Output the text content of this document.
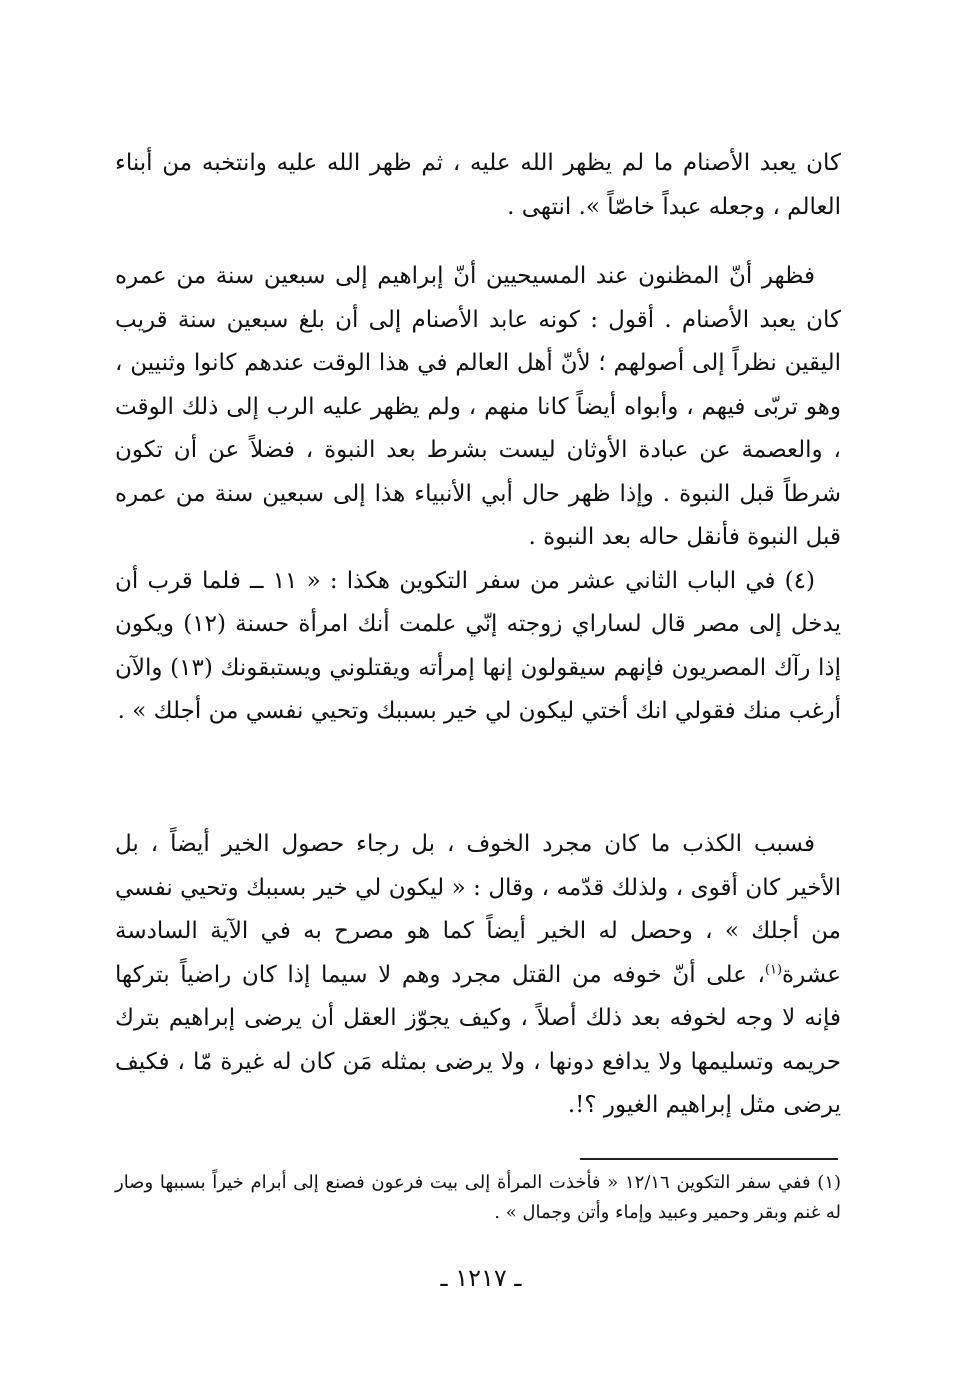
كان يعبد الأصنام ما لم يظهر الله عليه ، ثم ظهر الله عليه وانتخبه من أبناء العالم ، وجعله عبداً خاصّاً ». انتهى .

فظهر أنّ المظنون عند المسيحيين أنّ إبراهيم إلى سبعين سنة من عمره كان يعبد الأصنام . أقول : كونه عابد الأصنام إلى أن بلغ سبعين سنة قريب اليقين نظراً إلى أصولهم ؛ لأنّ أهل العالم في هذا الوقت عندهم كانوا وثنيين ، وهو تربّى فيهم ، وأبواه أيضاً كانا منهم ، ولم يظهر عليه الرب إلى ذلك الوقت ، والعصمة عن عبادة الأوثان ليست بشرط بعد النبوة ، فضلاً عن أن تكون شرطاً قبل النبوة . وإذا ظهر حال أبي الأنبياء هذا إلى سبعين سنة من عمره قبل النبوة فأنقل حاله بعد النبوة .

(٤) في الباب الثاني عشر من سفر التكوين هكذا : « ١١ ــ فلما قرب أن يدخل إلى مصر قال لساراي زوجته إنّي علمت أنك امرأة حسنة (١٢) ويكون إذا رآك المصريون فإنهم سيقولون إنها إمرأته ويقتلوني ويستبقونك (١٣) والآن أرغب منك فقولي انك أختي ليكون لي خير بسببك وتحيي نفسي من أجلك » .

فسبب الكذب ما كان مجرد الخوف ، بل رجاء حصول الخير أيضاً ، بل الأخير كان أقوى ، ولذلك قدّمه ، وقال : « ليكون لي خير بسببك وتحيي نفسي من أجلك » ، وحصل له الخير أيضاً كما هو مصرح به في الآية السادسة عشرة$^{(١)}$، على أنّ خوفه من القتل مجرد وهم لا سيما إذا كان راضياً بتركها فإنه لا وجه لخوفه بعد ذلك أصلاً ، وكيف يجوّز العقل أن يرضى إبراهيم بترك حريمه وتسليمها ولا يدافع دونها ، ولا يرضى بمثله مَن كان له غيرة مّا ، فكيف يرضى مثل إبراهيم الغيور ؟!.

(١) ففي سفر التكوين ١٢/١٦ « فأخذت المرأة إلى بيت فرعون فصنع إلى أبرام خيراً بسببها وصار له غنم وبقر وحمير وعبيد وإماء وأتن وجمال » .

ـ ١٢١٧ ـ
